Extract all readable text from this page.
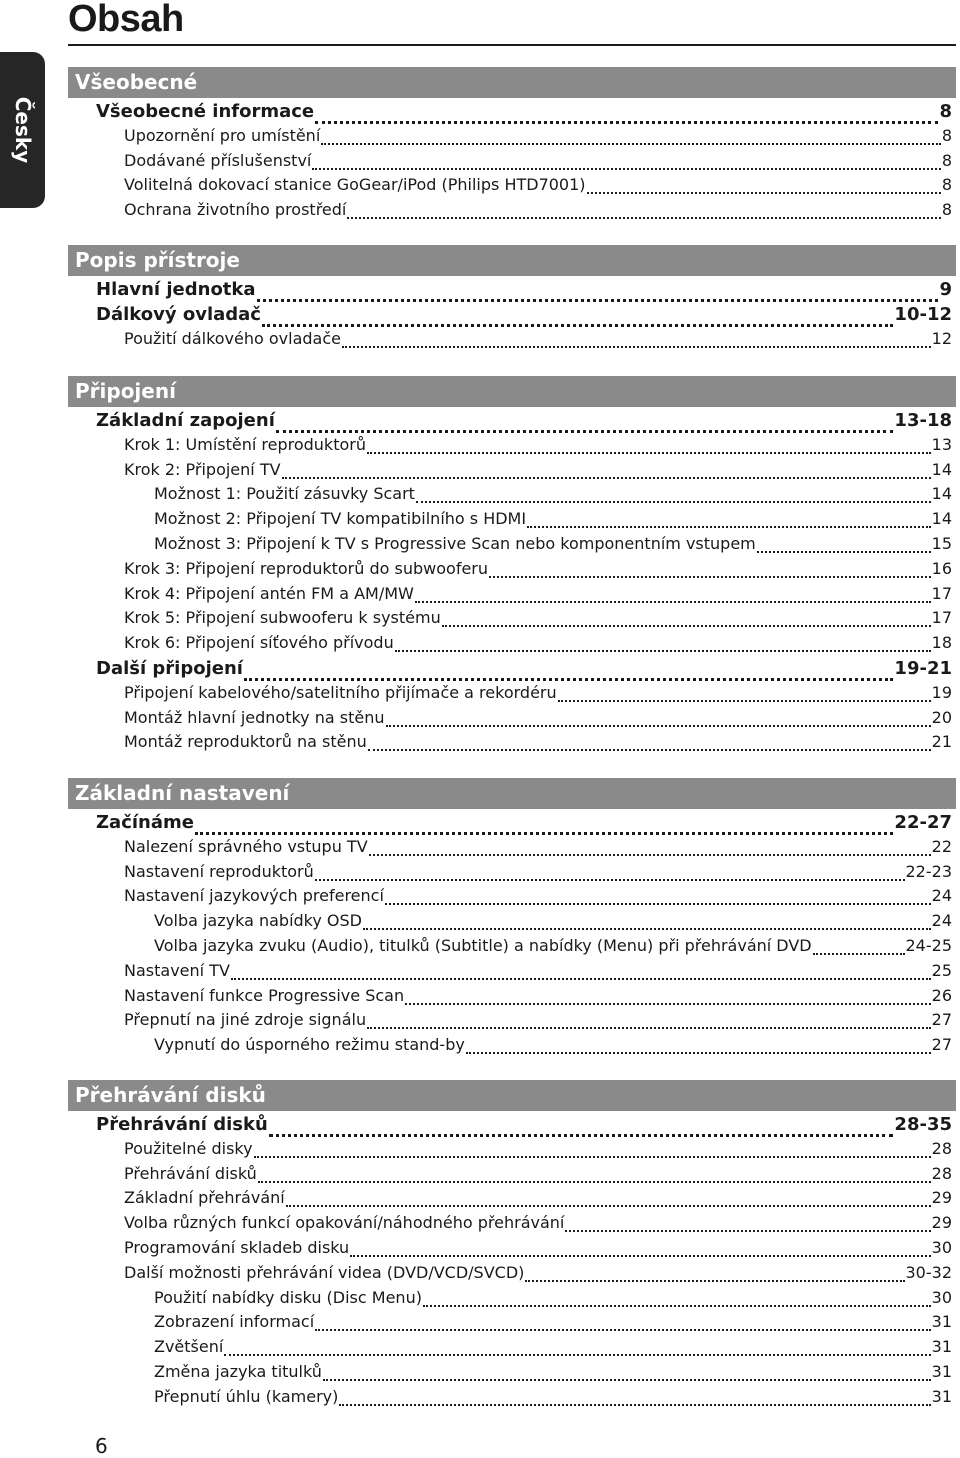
Obsah
Česky
Všeobecné
Všeobecné informace	8
Upozornění pro umístění	8
Dodávané příslušenství	8
Volitelná dokovací stanice GoGear/iPod (Philips HTD7001)	8
Ochrana životního prostředí	8
Popis přístroje
Hlavní jednotka	9
Dálkový ovladač	10-12
Použití dálkového ovladače	12
Připojení
Základní zapojení	13-18
Krok 1: Umístění reproduktorů	13
Krok 2: Připojení TV	14
Možnost 1: Použití zásuvky Scart	14
Možnost 2: Připojení TV kompatibilního s HDMI	14
Možnost 3: Připojení k TV s Progressive Scan nebo komponentním vstupem	15
Krok 3: Připojení reproduktorů do subwooferu	16
Krok 4: Připojení antén FM a AM/MW	17
Krok 5: Připojení subwooferu k systému	17
Krok 6: Připojení síťového přívodu	18
Další připojení	19-21
Připojení kabelového/satelitního přijímače a rekordéru	19
Montáž hlavní jednotky na stěnu	20
Montáž reproduktorů na stěnu	21
Základní nastavení
Začínáme	22-27
Nalezení správného vstupu TV	22
Nastavení reproduktorů	22-23
Nastavení jazykových preferencí	24
Volba jazyka nabídky OSD	24
Volba jazyka zvuku (Audio), titulků (Subtitle) a nabídky (Menu) při přehrávání DVD	24-25
Nastavení TV	25
Nastavení funkce Progressive Scan	26
Přepnutí na jiné zdroje signálu	27
Vypnutí do úsporného režimu stand-by	27
Přehrávání disků
Přehrávání disků	28-35
Použitelné disky	28
Přehrávání disků	28
Základní přehrávání	29
Volba různých funkcí opakování/náhodného přehrávání	29
Programování skladeb disku	30
Další možnosti přehrávání videa (DVD/VCD/SVCD)	30-32
Použití nabídky disku (Disc Menu)	30
Zobrazení informací	31
Zvětšení	31
Změna jazyka titulků	31
Přepnutí úhlu (kamery)	31
6
